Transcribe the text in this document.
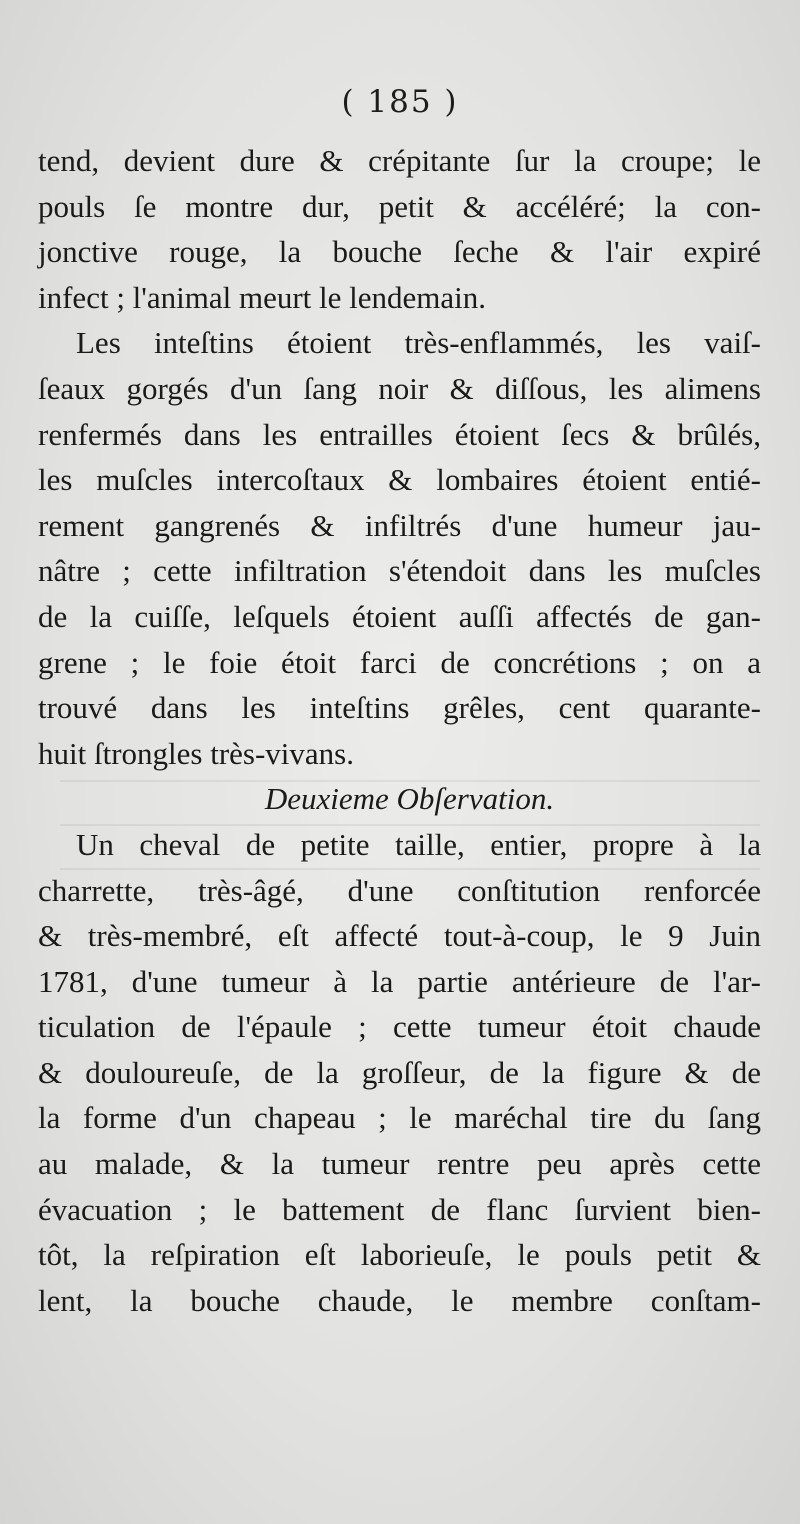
( 185 )
tend, devient dure & crépitante ſur la croupe; le
pouls ſe montre dur, petit & accéléré; la con-
jonctive rouge, la bouche ſeche & l'air expiré
infect ; l'animal meurt le lendemain.
Les inteſtins étoient très-enflammés, les vaiſ-
ſeaux gorgés d'un ſang noir & diſſous, les alimens
renfermés dans les entrailles étoient ſecs & brûlés,
les muſcles intercoſtaux & lombaires étoient entié-
rement gangrenés & infiltrés d'une humeur jau-
nâtre ; cette infiltration s'étendoit dans les muſcles
de la cuiſſe, leſquels étoient auſſi affectés de gan-
grene ; le foie étoit farci de concrétions ; on a
trouvé dans les inteſtins grêles, cent quarante-
huit ſtrongles très-vivans.
Deuxieme Obſervation.
Un cheval de petite taille, entier, propre à la
charrette, très-âgé, d'une conſtitution renforcée
& très-membré, eſt affecté tout-à-coup, le 9 Juin
1781, d'une tumeur à la partie antérieure de l'ar-
ticulation de l'épaule ; cette tumeur étoit chaude
& douloureuſe, de la groſſeur, de la figure & de
la forme d'un chapeau ; le maréchal tire du ſang
au malade, & la tumeur rentre peu après cette
évacuation ; le battement de flanc ſurvient bien-
tôt, la reſpiration eſt laborieuſe, le pouls petit &
lent, la bouche chaude, le membre conſtam-
